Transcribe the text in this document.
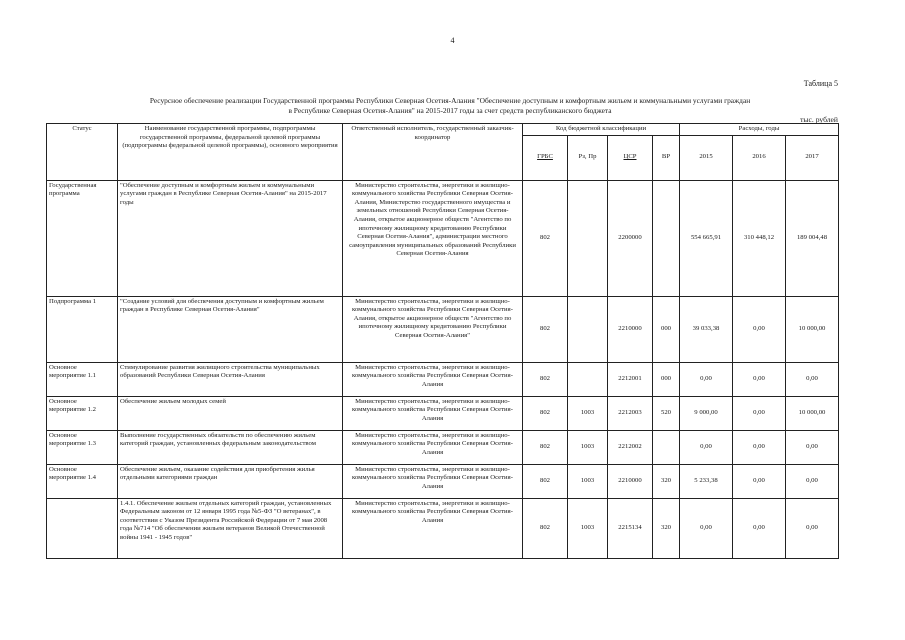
4
Таблица 5
Ресурсное обеспечение реализации Государственной программы Республики Северная Осетия-Алания "Обеспечение доступным и комфортным жильем и коммунальными услугами граждан
в Республике Северная Осетия-Алания" на 2015-2017 годы за счет средств республиканского бюджета
тыс. рублей
Статус	Наименование государственной программы, подпрограммы государственной программы, федеральной целевой программы (подпрограммы федеральной целевой программы), основного мероприятия	Ответственный исполнитель, государственный заказчик-координатор	Код бюджетной классификации				Расходы, годы		
			ГРБС	Рз, Пр	ЦСР	ВР	2015	2016	2017
Государственная программа	"Обеспечение доступным и комфортным жильем и коммунальными услугами граждан в Республике Северная Осетия-Алания" на 2015-2017 годы	Министерство строительства, энергетики и жилищно-коммунального хозяйства Республики Северная Осетия-Алания, Министерство государственного имущества и земельных отношений Республики Северная Осетия-Алания, открытое акционерное обществ "Агентство по ипотечному жилищному кредитованию Республики Северная Осетия-Алания", администрации местного самоуправления муниципальных образований Республики Северная Осетия-Алания	802		2200000		554 665,91	310 448,12	189 004,48
Подпрограмма 1	"Создание условий для обеспечения доступным и комфортным жильем граждан в Республике Северная Осетия-Алания"	Министерство строительства, энергетики и жилищно-коммунального хозяйства Республики Северная Осетия-Алания, открытое акционерное обществ "Агентство по ипотечному жилищному кредитованию Республики Северная Осетия-Алания"	802		2210000	000	39 033,38	0,00	10 000,00
Основное мероприятие 1.1	Стимулирование развития жилищного строительства муниципальных образований Республики Северная Осетия-Алания	Министерство строительства, энергетики и жилищно-коммунального хозяйства Республики Северная Осетия-Алания	802		2212001	000	0,00	0,00	0,00
Основное мероприятие 1.2	Обеспечение жильем молодых семей	Министерство строительства, энергетики и жилищно-коммунального хозяйства Республики Северная Осетия-Алания	802	1003	2212003	520	9 000,00	0,00	10 000,00
Основное мероприятие 1.3	Выполнение государственных обязательств по обеспечению жильем категорий граждан, установленных федеральным законодательством	Министерство строительства, энергетики и жилищно-коммунального хозяйства Республики Северная Осетия-Алания	802	1003	2212002		0,00	0,00	0,00
Основное мероприятие 1.4	Обеспечение жильем, оказание содействия для приобретения жилья отдельными категориями граждан	Министерство строительства, энергетики и жилищно-коммунального хозяйства Республики Северная Осетия-Алания	802	1003	2210000	320	5 233,38	0,00	0,00
	1.4.1. Обеспечение жильем отдельных категорий граждан, установленных Федеральным законом от 12 января 1995 года №5-ФЗ "О ветеранах", в соответствии с Указом Президента Российской Федерации от 7 мая 2008 года №714 "Об обеспечении жильем ветеранов Великой Отечественной войны 1941 - 1945 годов"	Министерство строительства, энергетики и жилищно-коммунального хозяйства Республики Северная Осетия-Алания	802	1003	2215134	320	0,00	0,00	0,00
